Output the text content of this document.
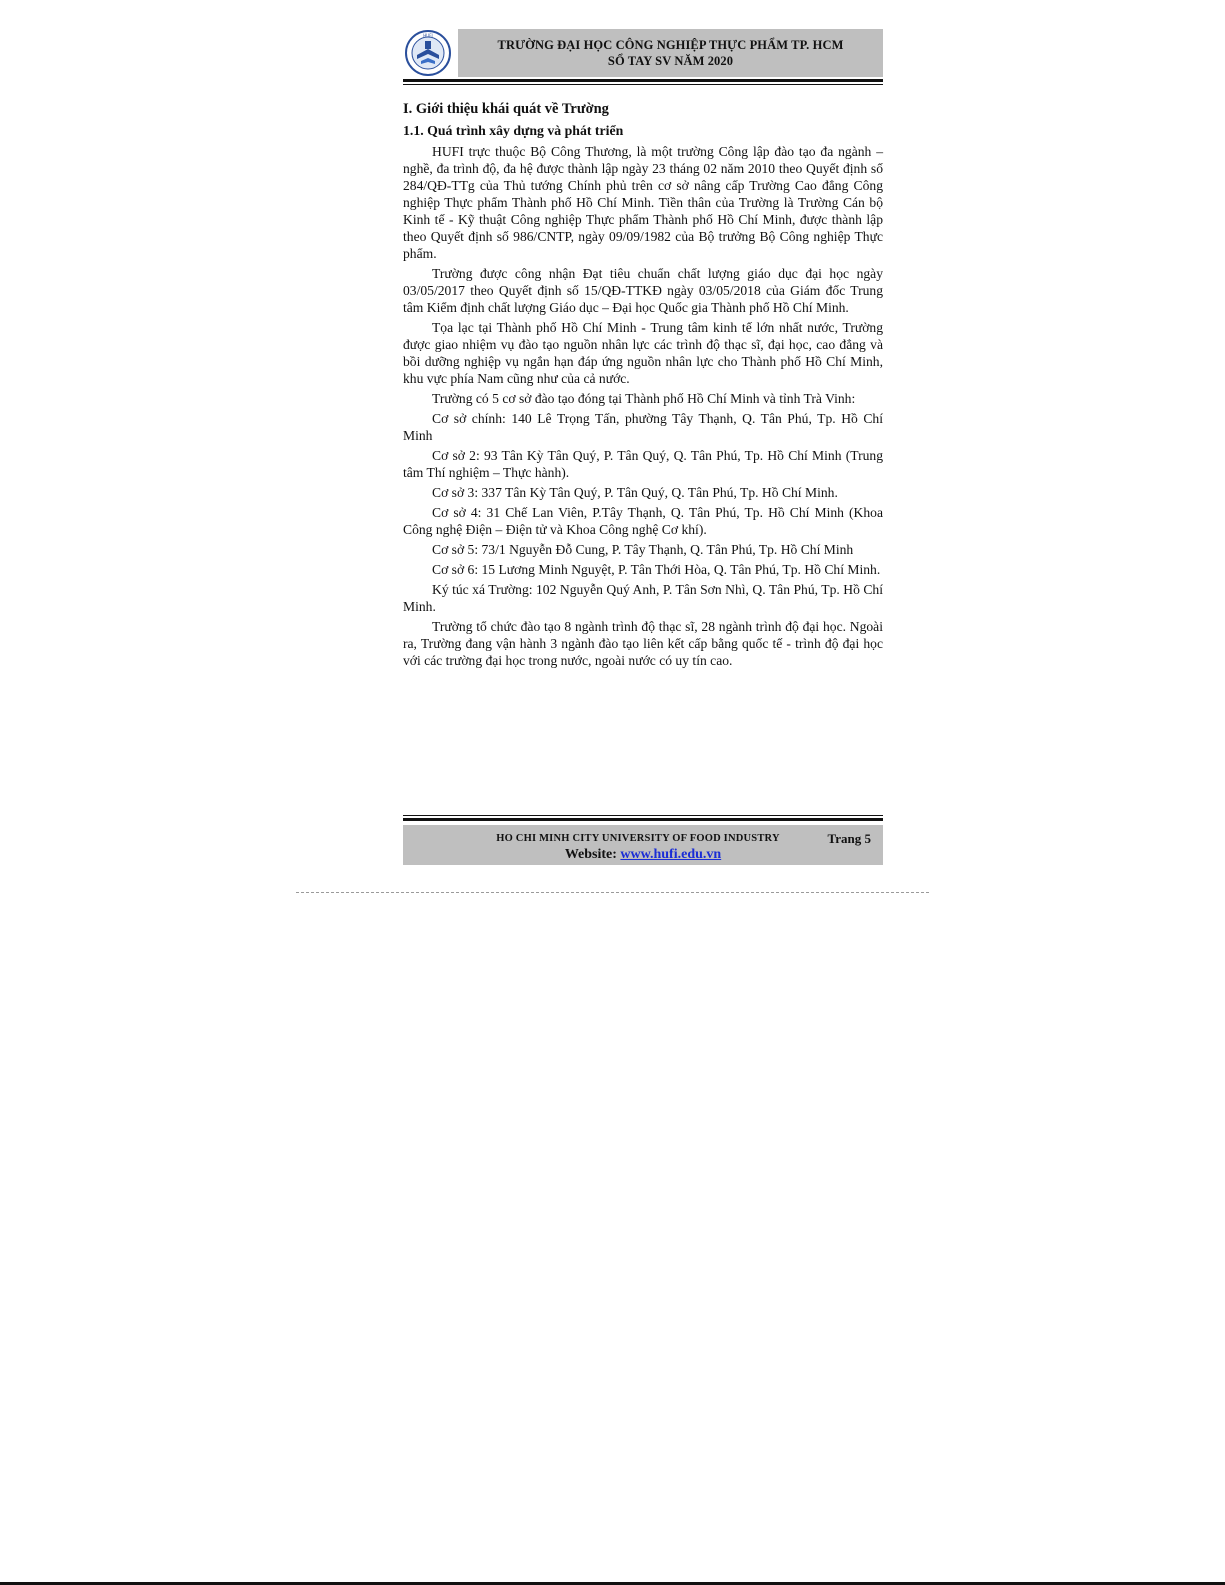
HUFI
TRƯỜNG ĐẠI HỌC CÔNG NGHIỆP THỰC PHẨM TP. HCM
SỔ TAY SV NĂM 2020
I. Giới thiệu khái quát về Trường
1.1. Quá trình xây dựng và phát triển

HUFI trực thuộc Bộ Công Thương, là một trường Công lập đào tạo đa ngành – nghề, đa trình độ, đa hệ được thành lập ngày 23 tháng 02 năm 2010 theo Quyết định số 284/QĐ-TTg của Thủ tướng Chính phủ trên cơ sở nâng cấp Trường Cao đẳng Công nghiệp Thực phẩm Thành phố Hồ Chí Minh. Tiền thân của Trường là Trường Cán bộ Kinh tế - Kỹ thuật Công nghiệp Thực phẩm Thành phố Hồ Chí Minh, được thành lập theo Quyết định số 986/CNTP, ngày 09/09/1982 của Bộ trưởng Bộ Công nghiệp Thực phẩm.

Trường được công nhận Đạt tiêu chuẩn chất lượng giáo dục đại học ngày 03/05/2017 theo Quyết định số 15/QĐ-TTKĐ ngày 03/05/2018 của Giám đốc Trung tâm Kiểm định chất lượng Giáo dục – Đại học Quốc gia Thành phố Hồ Chí Minh.

Tọa lạc tại Thành phố Hồ Chí Minh - Trung tâm kinh tế lớn nhất nước, Trường được giao nhiệm vụ đào tạo nguồn nhân lực các trình độ thạc sĩ, đại học, cao đẳng và bồi dưỡng nghiệp vụ ngắn hạn đáp ứng nguồn nhân lực cho Thành phố Hồ Chí Minh, khu vực phía Nam cũng như của cả nước.

Trường có 5 cơ sở đào tạo đóng tại Thành phố Hồ Chí Minh và tỉnh Trà Vinh:

Cơ sở chính: 140 Lê Trọng Tấn, phường Tây Thạnh, Q. Tân Phú, Tp. Hồ Chí Minh

Cơ sở 2: 93 Tân Kỳ Tân Quý, P. Tân Quý, Q. Tân Phú, Tp. Hồ Chí Minh (Trung tâm Thí nghiệm – Thực hành).

Cơ sở 3: 337 Tân Kỳ Tân Quý, P. Tân Quý, Q. Tân Phú, Tp. Hồ Chí Minh.

Cơ sở 4: 31 Chế Lan Viên, P.Tây Thạnh, Q. Tân Phú, Tp. Hồ Chí Minh (Khoa Công nghệ Điện – Điện tử và Khoa Công nghệ Cơ khí).

Cơ sở 5: 73/1 Nguyễn Đỗ Cung, P. Tây Thạnh, Q. Tân Phú, Tp. Hồ Chí Minh

Cơ sở 6: 15 Lương Minh Nguyệt, P. Tân Thới Hòa, Q. Tân Phú, Tp. Hồ Chí Minh.

Ký túc xá Trường: 102 Nguyễn Quý Anh, P. Tân Sơn Nhì, Q. Tân Phú, Tp. Hồ Chí Minh.

Trường tổ chức đào tạo 8 ngành trình độ thạc sĩ, 28 ngành trình độ đại học. Ngoài ra, Trường đang vận hành 3 ngành đào tạo liên kết cấp bằng quốc tế - trình độ đại học với các trường đại học trong nước, ngoài nước có uy tín cao.

HO CHI MINH CITY UNIVERSITY OF FOOD INDUSTRY	Trang 5
Website: www.hufi.edu.vn
